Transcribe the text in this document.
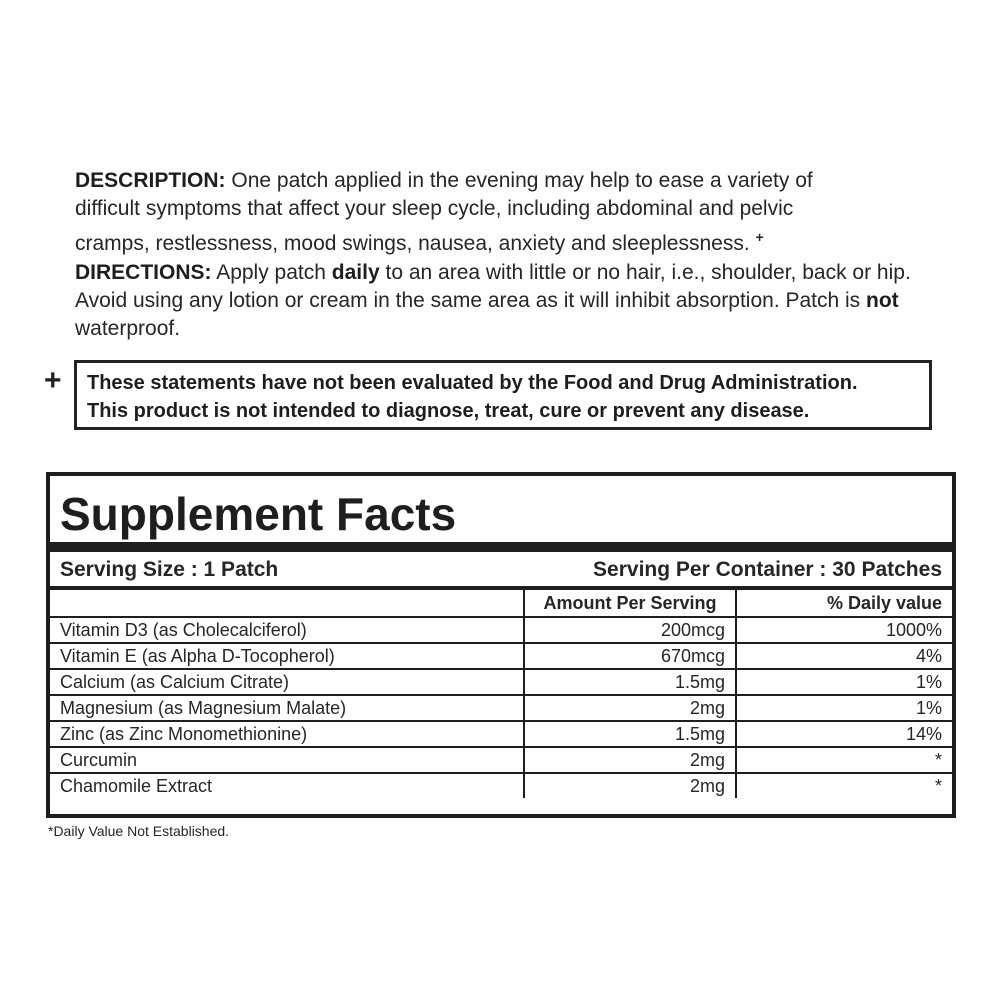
DESCRIPTION: One patch applied in the evening may help to ease a variety of
difficult symptoms that affect your sleep cycle, including abdominal and pelvic
cramps, restlessness, mood swings, nausea, anxiety and sleeplessness. +
DIRECTIONS: Apply patch daily to an area with little or no hair, i.e., shoulder, back or hip.
Avoid using any lotion or cream in the same area as it will inhibit absorption. Patch is not
waterproof.
+ These statements have not been evaluated by the Food and Drug Administration.
This product is not intended to diagnose, treat, cure or prevent any disease.
Supplement Facts
Serving Size : 1 Patch	Serving Per Container : 30 Patches
	Amount Per Serving	% Daily value
Vitamin D3 (as Cholecalciferol)	200mcg	1000%
Vitamin E (as Alpha D-Tocopherol)	670mcg	4%
Calcium (as Calcium Citrate)	1.5mg	1%
Magnesium (as Magnesium Malate)	2mg	1%
Zinc (as Zinc Monomethionine)	1.5mg	14%
Curcumin	2mg	*
Chamomile Extract	2mg	*
*Daily Value Not Established.
